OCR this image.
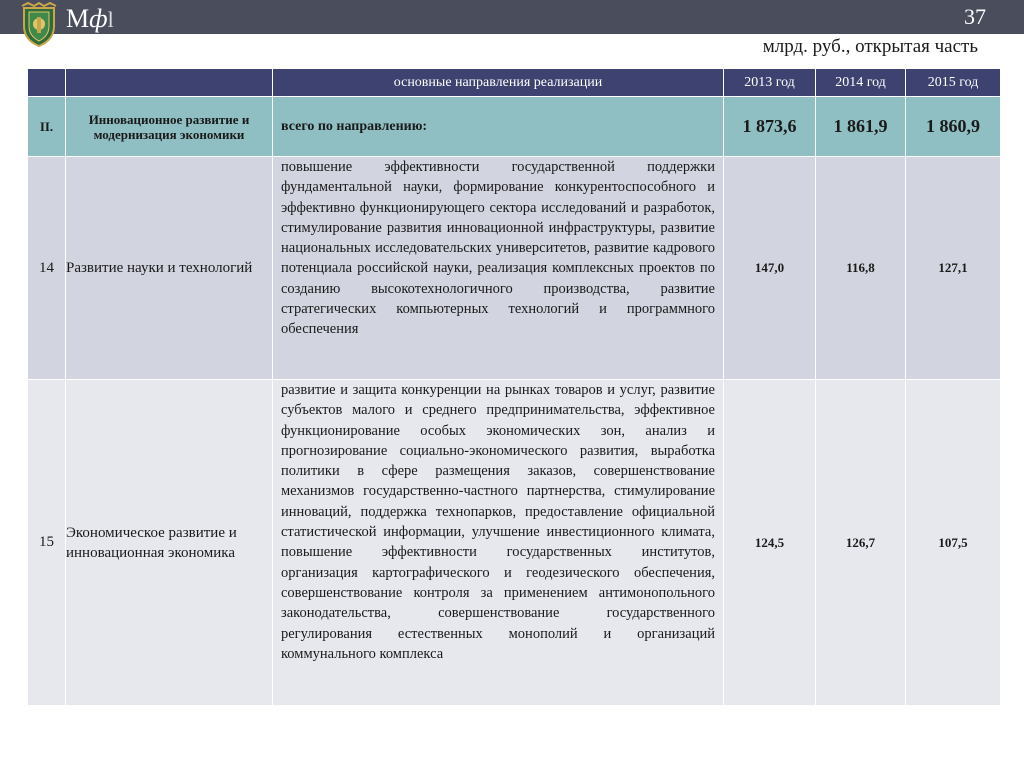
Мфl	37
млрд. руб., открытая часть
		основные направления реализации	2013 год	2014 год	2015 год
II.	Инновационное развитие и модернизация экономики	всего по направлению:	1 873,6	1 861,9	1 860,9
14	Развитие науки и технологий	повышение эффективности государственной поддержки фундаментальной науки, формирование конкурентоспособного и эффективно функционирующего сектора исследований и разработок, стимулирование развития инновационной инфраструктуры, развитие национальных исследовательских университетов, развитие кадрового потенциала российской науки, реализация комплексных проектов по созданию высокотехнологичного производства, развитие стратегических компьютерных технологий и программного обеспечения	147,0	116,8	127,1
15	Экономическое развитие и инновационная экономика	развитие и защита конкуренции на рынках товаров и услуг, развитие субъектов малого и среднего предпринимательства, эффективное функционирование особых экономических зон, анализ и прогнозирование социально-экономического развития, выработка политики в сфере размещения заказов, совершенствование механизмов государственно-частного партнерства, стимулирование инноваций, поддержка технопарков, предоставление официальной статистической информации, улучшение инвестиционного климата, повышение эффективности государственных институтов, организация картографического и геодезического обеспечения, совершенствование контроля за применением антимонопольного законодательства, совершенствование государственного регулирования естественных монополий и организаций коммунального комплекса	124,5	126,7	107,5
